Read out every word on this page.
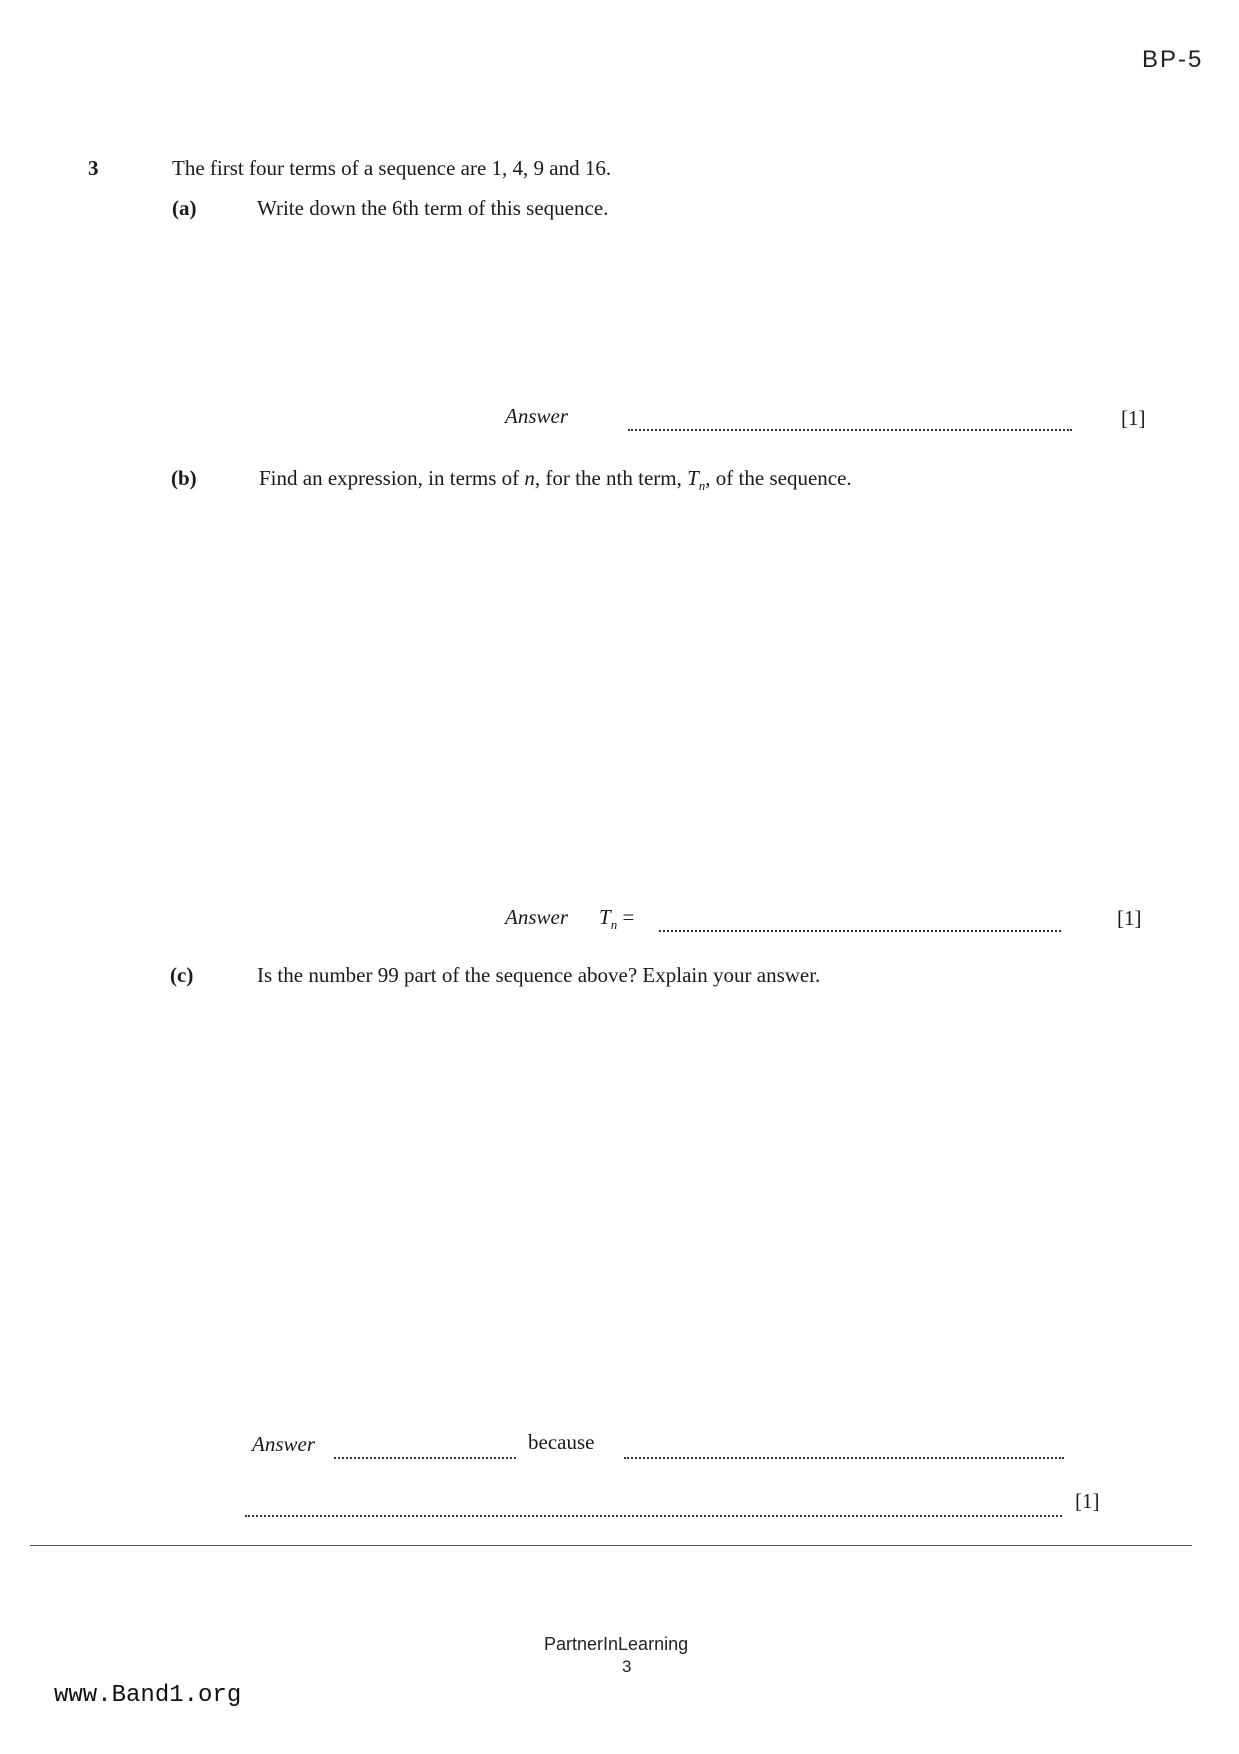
BP-5
3	The first four terms of a sequence are 1, 4, 9 and 16.
(a)	Write down the 6th term of this sequence.
Answer	[1]
(b)	Find an expression, in terms of n, for the nth term, $T_n$, of the sequence.
Answer $T_n$ =	[1]
(c)	Is the number 99 part of the sequence above? Explain your answer.
Answer	because
[1]
PartnerInLearning
3
www.Band1.org
